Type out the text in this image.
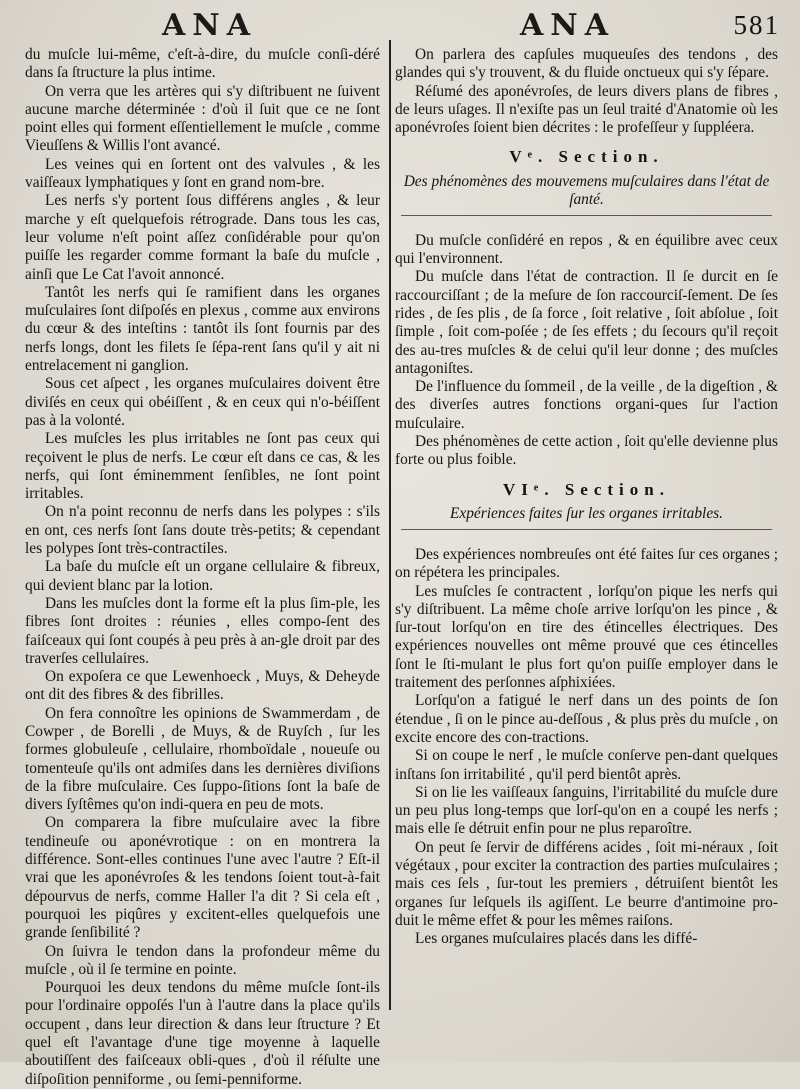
ANA	ANA	581

du muſcle lui-même, c'eſt-à-dire, du muſcle conſi-déré dans ſa ſtructure la plus intime.

On verra que les artères qui s'y diſtribuent ne ſuivent aucune marche déterminée : d'où il ſuit que ce ne ſont point elles qui forment eſſentiellement le muſcle , comme Vieuſſens & Willis l'ont avancé.

Les veines qui en ſortent ont des valvules , & les vaiſſeaux lymphatiques y ſont en grand nom-bre.

Les nerfs s'y portent ſous différens angles , & leur marche y eſt quelquefois rétrograde. Dans tous les cas, leur volume n'eſt point aſſez conſidérable pour qu'on puiſſe les regarder comme formant la baſe du muſcle , ainſi que Le Cat l'avoit annoncé.

Tantôt les nerfs qui ſe ramifient dans les organes muſculaires ſont diſpoſés en plexus , comme aux environs du cœur & des inteſtins : tantôt ils ſont fournis par des nerfs longs, dont les filets ſe ſépa-rent ſans qu'il y ait ni entrelacement ni ganglion.

Sous cet aſpect , les organes muſculaires doivent être diviſés en ceux qui obéiſſent , & en ceux qui n'o-béiſſent pas à la volonté.

Les muſcles les plus irritables ne ſont pas ceux qui reçoivent le plus de nerfs. Le cœur eſt dans ce cas, & les nerfs, qui ſont éminemment ſenſibles, ne ſont point irritables.

On n'a point reconnu de nerfs dans les polypes : s'ils en ont, ces nerfs ſont ſans doute très-petits; & cependant les polypes ſont très-contractiles.

La baſe du muſcle eſt un organe cellulaire & fibreux, qui devient blanc par la lotion.

Dans les muſcles dont la forme eſt la plus ſim-ple, les fibres ſont droites : réunies , elles compo-ſent des faiſceaux qui ſont coupés à peu près à an-gle droit par des traverſes cellulaires.

On expoſera ce que Lewenhoeck , Muys, & Deheyde ont dit des fibres & des fibrilles.

On fera connoître les opinions de Swammerdam , de Cowper , de Borelli , de Muys, & de Ruyſch , ſur les formes globuleuſe , cellulaire, rhomboïdale , noueuſe ou tomenteuſe qu'ils ont admiſes dans les dernières diviſions de la fibre muſculaire. Ces ſuppo-ſitions ſont la baſe de divers ſyſtêmes qu'on indi-quera en peu de mots.

On comparera la fibre muſculaire avec la fibre tendineuſe ou aponévrotique : on en montrera la différence. Sont-elles continues l'une avec l'autre ? Eſt-il vrai que les aponévroſes & les tendons ſoient tout-à-fait dépourvus de nerfs, comme Haller l'a dit ? Si cela eſt , pourquoi les piqûres y excitent-elles quelquefois une grande ſenſibilité ?

On ſuivra le tendon dans la profondeur même du muſcle , où il ſe termine en pointe.

Pourquoi les deux tendons du même muſcle ſont-ils pour l'ordinaire oppoſés l'un à l'autre dans la place qu'ils occupent , dans leur direction & dans leur ſtructure ? Et quel eſt l'avantage d'une tige moyenne à laquelle aboutiſſent des faiſceaux obli-ques , d'où il réſulte une diſpoſition penniforme , ou ſemi-penniforme.

On parlera des capſules muqueuſes des tendons , des glandes qui s'y trouvent, & du fluide onctueux qui s'y ſépare.

Réſumé des aponévroſes, de leurs divers plans de fibres , de leurs uſages. Il n'exiſte pas un ſeul traité d'Anatomie où les aponévroſes ſoient bien décrites : le profeſſeur y ſuppléera.

Vᵉ. Section.
Des phénomènes des mouvemens muſculaires dans l'état de ſanté.

Du muſcle conſidéré en repos , & en équilibre avec ceux qui l'environnent.

Du muſcle dans l'état de contraction. Il ſe durcit en ſe raccourciſſant ; de la meſure de ſon raccourciſ-ſement. De ſes rides , de ſes plis , de ſa force , ſoit relative , ſoit abſolue , ſoit ſimple , ſoit com-poſée ; de ſes effets ; du ſecours qu'il reçoit des au-tres muſcles & de celui qu'il leur donne ; des muſcles antagoniſtes.

De l'influence du ſommeil , de la veille , de la digeſtion , & des diverſes autres fonctions organi-ques ſur l'action muſculaire.

Des phénomènes de cette action , ſoit qu'elle devienne plus forte ou plus foible.

VIᵉ. Section.
Expériences faites ſur les organes irritables.

Des expériences nombreuſes ont été faites ſur ces organes ; on répétera les principales.

Les muſcles ſe contractent , lorſqu'on pique les nerfs qui s'y diſtribuent. La même choſe arrive lorſqu'on les pince , & ſur-tout lorſqu'on en tire des étincelles électriques. Des expériences nouvelles ont même prouvé que ces étincelles ſont le ſti-mulant le plus fort qu'on puiſſe employer dans le traitement des perſonnes aſphixiées.

Lorſqu'on a fatigué le nerf dans un des points de ſon étendue , ſi on le pince au-deſſous , & plus près du muſcle , on excite encore des con-tractions.

Si on coupe le nerf , le muſcle conſerve pen-dant quelques inſtans ſon irritabilité , qu'il perd bientôt après.

Si on lie les vaiſſeaux ſanguins, l'irritabilité du muſcle dure un peu plus long-temps que lorſ-qu'on en a coupé les nerfs ; mais elle ſe détruit enfin pour ne plus reparoître.

On peut ſe ſervir de différens acides , ſoit mi-néraux , ſoit végétaux , pour exciter la contraction des parties muſculaires ; mais ces ſels , ſur-tout les premiers , détruiſent bientôt les organes ſur leſquels ils agiſſent. Le beurre d'antimoine pro-duit le même effet & pour les mêmes raiſons.

Les organes muſculaires placés dans les diffé-
